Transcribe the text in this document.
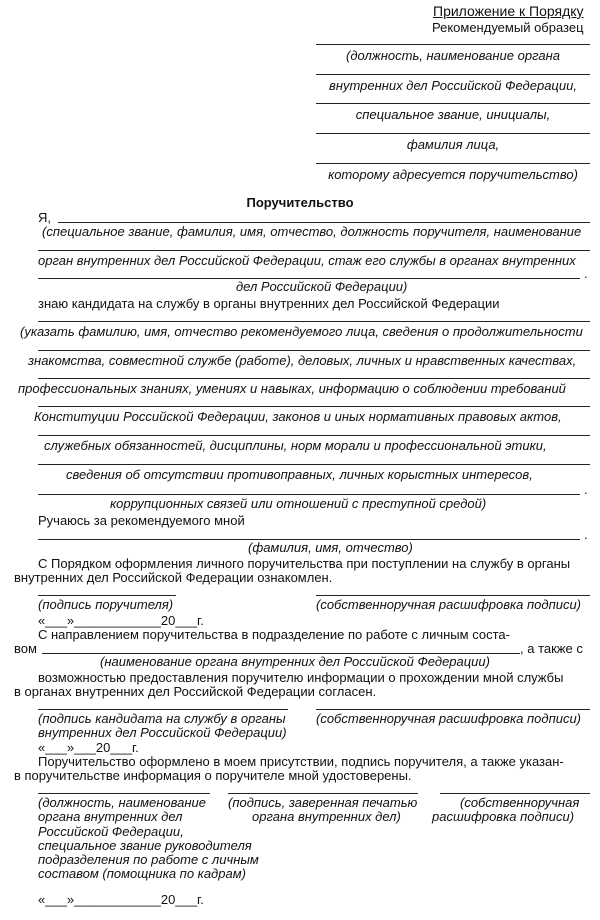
Приложение к Порядку
Рекомендуемый образец
(должность, наименование органа
внутренних дел Российской Федерации,
специальное звание, инициалы,
фамилия лица,
которому адресуется поручительство)
Поручительство
Я,
(специальное звание, фамилия, имя, отчество, должность поручителя, наименование
орган внутренних дел Российской Федерации, стаж его службы в органах внутренних
.
дел Российской Федерации)
знаю кандидата на службу в органы внутренних дел Российской Федерации
(указать фамилию, имя, отчество рекомендуемого лица, сведения о продолжительности
знакомства, совместной службе (работе), деловых, личных и нравственных качествах,
профессиональных знаниях, умениях и навыках, информацию о соблюдении требований
Конституции Российской Федерации, законов и иных нормативных правовых актов,
служебных обязанностей, дисциплины, норм морали и профессиональной этики,
сведения об отсутствии противоправных, личных корыстных интересов,
.
коррупционных связей или отношений с преступной средой)
Ручаюсь за рекомендуемого мной
.
(фамилия, имя, отчество)
С Порядком оформления личного поручительства при поступлении на службу в органы
внутренних дел Российской Федерации ознакомлен.
(подпись поручителя)	(собственноручная расшифровка подписи)
«___»____________20___г.
С направлением поручительства в подразделение по работе с личным соста-
вом	, а также с
(наименование органа внутренних дел Российской Федерации)
возможностью предоставления поручителю информации о прохождении мной службы
в органах внутренних дел Российской Федерации согласен.
(подпись кандидата на службу в органы
внутренних дел Российской Федерации)
(собственноручная расшифровка подписи)
«___»___20___г.
Поручительство оформлено в моем присутствии, подпись поручителя, а также указан-
в поручительстве информация о поручителе мной удостоверены.
(должность, наименование
органа внутренних дел
Российской Федерации,
специальное звание руководителя
подразделения по работе с личным
составом (помощника по кадрам)
(подпись, заверенная печатью
органа внутренних дел)
(собственноручная
расшифровка подписи)
«___»____________20___г.
